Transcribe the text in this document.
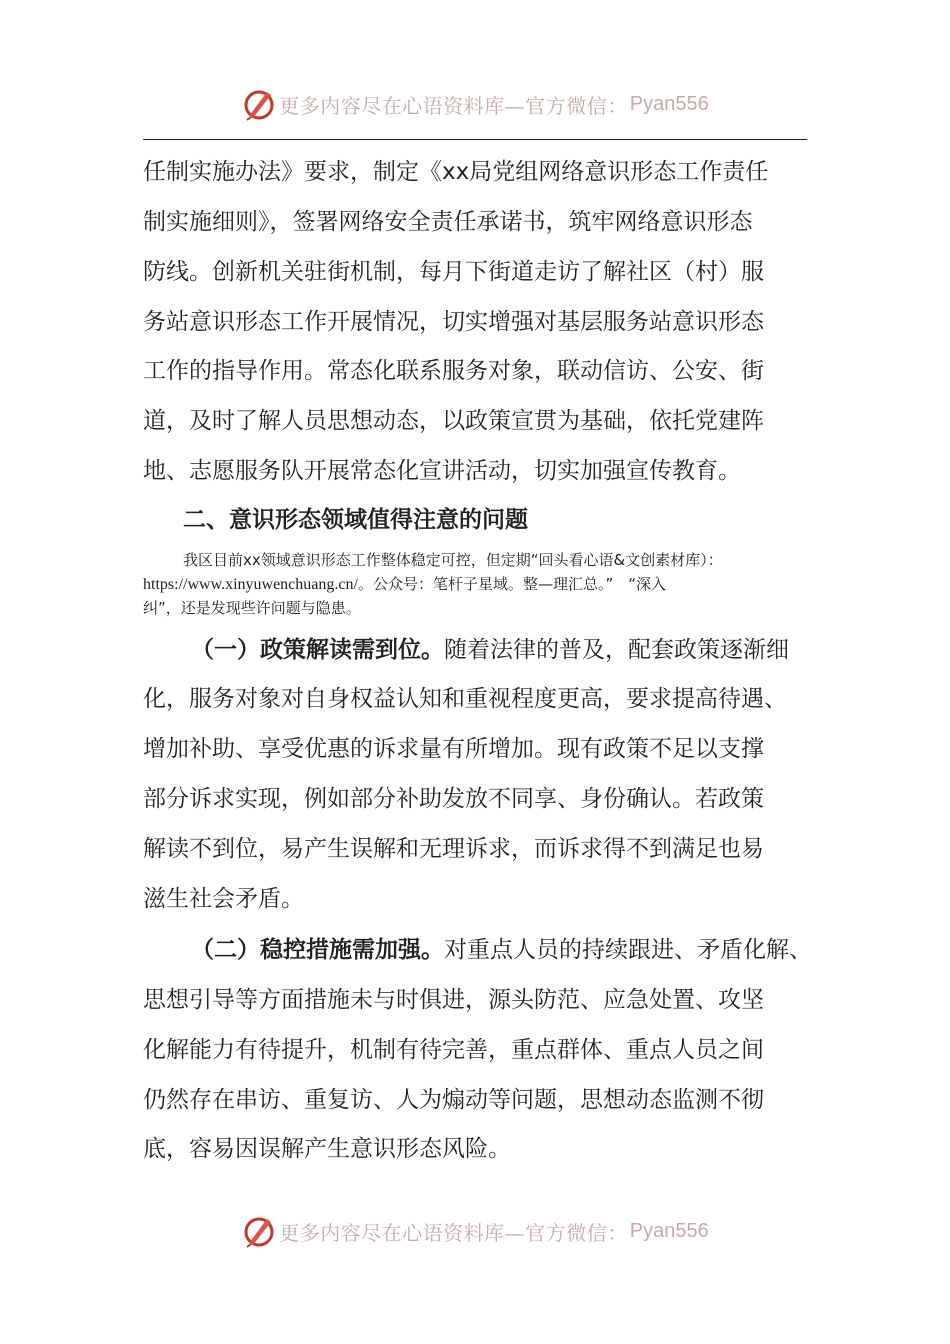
更多内容尽在心语资料库—官方微信： Pyan556
任制实施办法》要求，制定《xx局党组网络意识形态工作责任
制实施细则》，签署网络安全责任承诺书，筑牢网络意识形态
防线。创新机关驻街机制，每月下街道走访了解社区（村）服
务站意识形态工作开展情况，切实增强对基层服务站意识形态
工作的指导作用。常态化联系服务对象，联动信访、公安、街
道，及时了解人员思想动态，以政策宣贯为基础，依托党建阵
地、志愿服务队开展常态化宣讲活动，切实加强宣传教育。
二、意识形态领域值得注意的问题
我区目前xx领域意识形态工作整体稳定可控，但定期“回头看心语&文创素材库）：
https://www.xinyuwenchuang.cn/。公众号：笔杆子星域。整—理汇总。”　“深入
纠”，还是发现些许问题与隐患。
（一）政策解读需到位。随着法律的普及，配套政策逐渐细
化，服务对象对自身权益认知和重视程度更高，要求提高待遇、
增加补助、享受优惠的诉求量有所增加。现有政策不足以支撑
部分诉求实现，例如部分补助发放不同享、身份确认。若政策
解读不到位，易产生误解和无理诉求，而诉求得不到满足也易
滋生社会矛盾。
（二）稳控措施需加强。对重点人员的持续跟进、矛盾化解、
思想引导等方面措施未与时俱进，源头防范、应急处置、攻坚
化解能力有待提升，机制有待完善，重点群体、重点人员之间
仍然存在串访、重复访、人为煽动等问题，思想动态监测不彻
底，容易因误解产生意识形态风险。
更多内容尽在心语资料库—官方微信： Pyan556
